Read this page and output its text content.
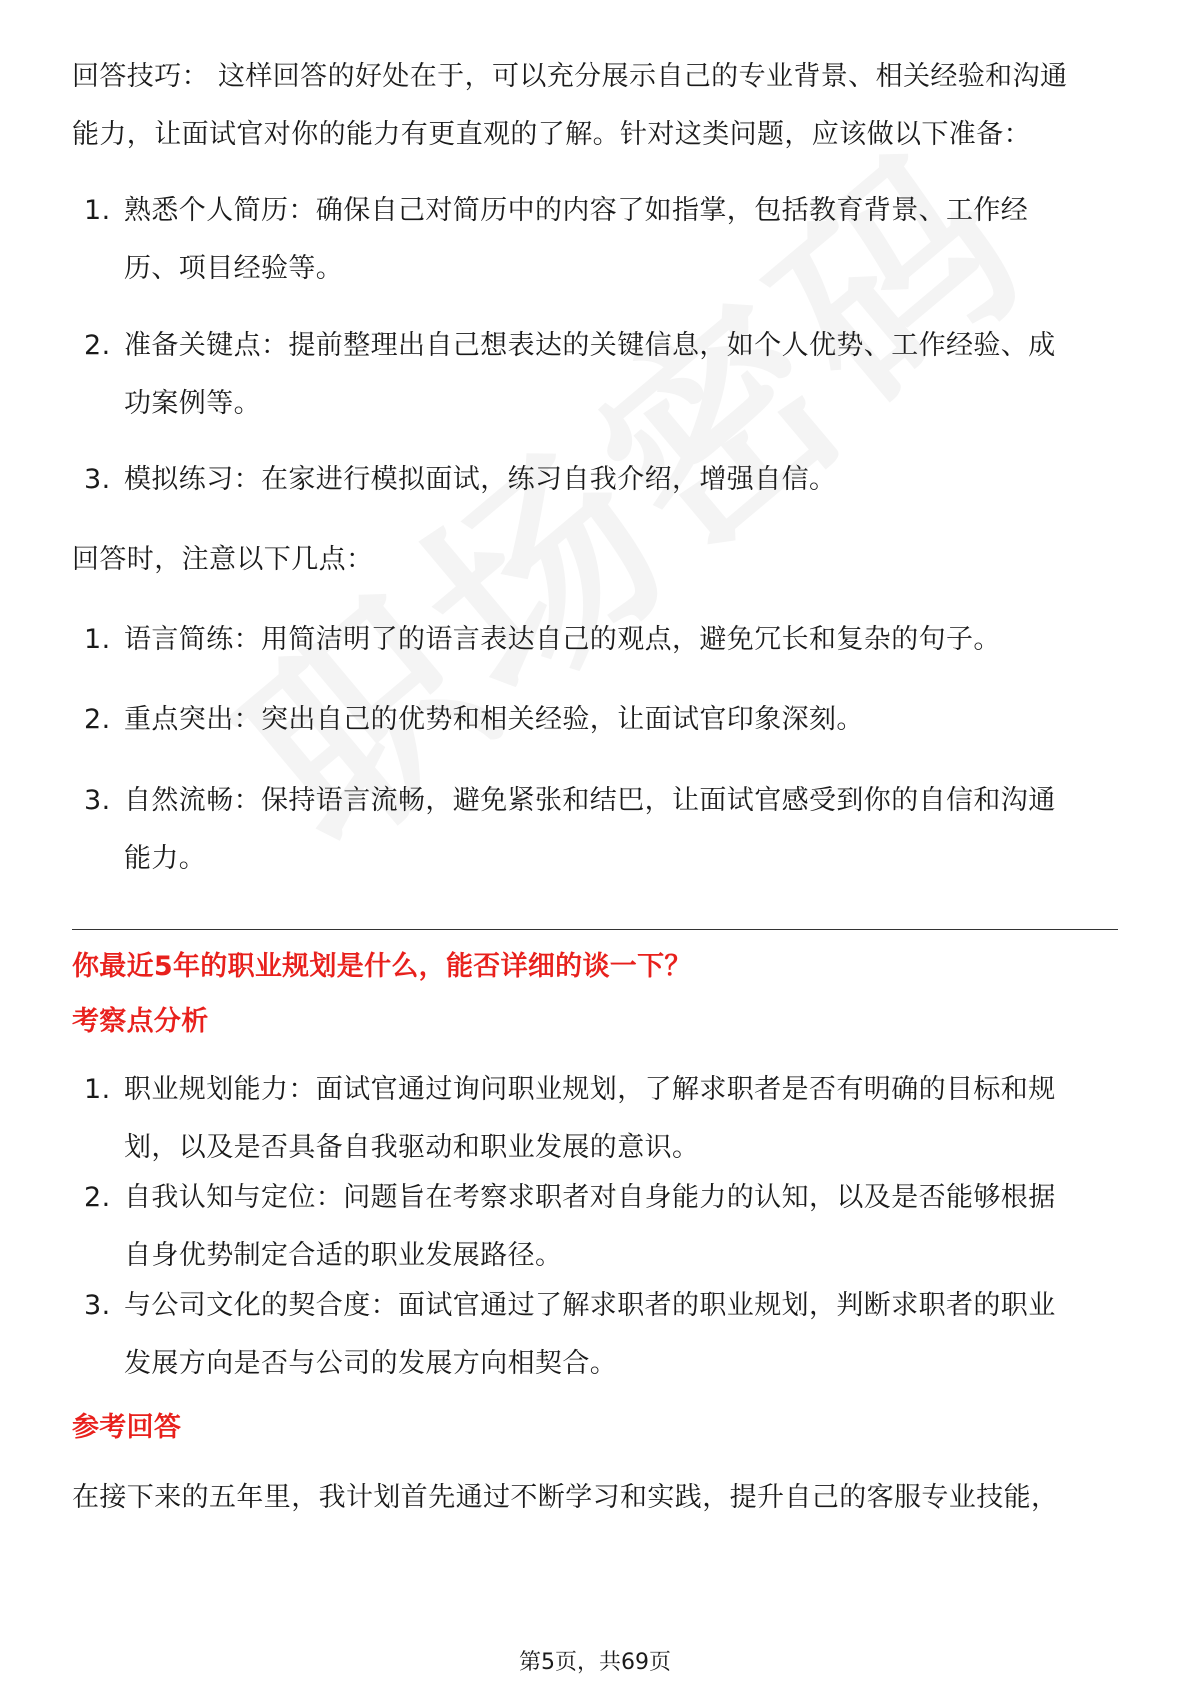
回答技巧： 这样回答的好处在于，可以充分展示自己的专业背景、相关经验和沟通
能力，让面试官对你的能力有更直观的了解。针对这类问题，应该做以下准备：

1. 熟悉个人简历：确保自己对简历中的内容了如指掌，包括教育背景、工作经
历、项目经验等。
2. 准备关键点：提前整理出自己想表达的关键信息，如个人优势、工作经验、成
功案例等。
3. 模拟练习：在家进行模拟面试，练习自我介绍，增强自信。

回答时，注意以下几点：

1. 语言简练：用简洁明了的语言表达自己的观点，避免冗长和复杂的句子。
2. 重点突出：突出自己的优势和相关经验，让面试官印象深刻。
3. 自然流畅：保持语言流畅，避免紧张和结巴，让面试官感受到你的自信和沟通
能力。
你最近5年的职业规划是什么，能否详细的谈一下？
考察点分析
1. 职业规划能力：面试官通过询问职业规划，了解求职者是否有明确的目标和规
划，以及是否具备自我驱动和职业发展的意识。
2. 自我认知与定位：问题旨在考察求职者对自身能力的认知，以及是否能够根据
自身优势制定合适的职业发展路径。
3. 与公司文化的契合度：面试官通过了解求职者的职业规划，判断求职者的职业
发展方向是否与公司的发展方向相契合。
参考回答

在接下来的五年里，我计划首先通过不断学习和实践，提升自己的客服专业技能，

第5页，共69页
